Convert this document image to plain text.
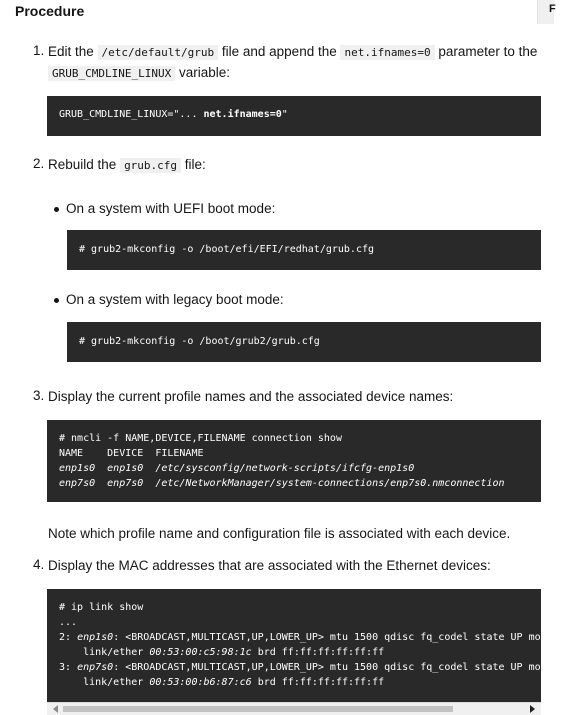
Procedure	F
1. Edit the /etc/default/grub file and append the net.ifnames=0 parameter to the
GRUB_CMDLINE_LINUX variable:

GRUB_CMDLINE_LINUX="... net.ifnames=0"

2. Rebuild the grub.cfg file:
On a system with UEFI boot mode:

# grub2-mkconfig -o /boot/efi/EFI/redhat/grub.cfg

On a system with legacy boot mode:

# grub2-mkconfig -o /boot/grub2/grub.cfg

3. Display the current profile names and the associated device names:

# nmcli -f NAME,DEVICE,FILENAME connection show

NAME    DEVICE  FILENAME

enp1s0  enp1s0  /etc/sysconfig/network-scripts/ifcfg-enp1s0

enp7s0  enp7s0  /etc/NetworkManager/system-connections/enp7s0.nmconnection

Note which profile name and configuration file is associated with each device.
4. Display the MAC addresses that are associated with the Ethernet devices:

# ip link show

...

2: enp1s0: <BROADCAST,MULTICAST,UP,LOWER_UP> mtu 1500 qdisc fq_codel state UP mode D

link/ether 00:53:00:c5:98:1c brd ff:ff:ff:ff:ff:ff

3: enp7s0: <BROADCAST,MULTICAST,UP,LOWER_UP> mtu 1500 qdisc fq_codel state UP mode D

link/ether 00:53:00:b6:87:c6 brd ff:ff:ff:ff:ff:ff
